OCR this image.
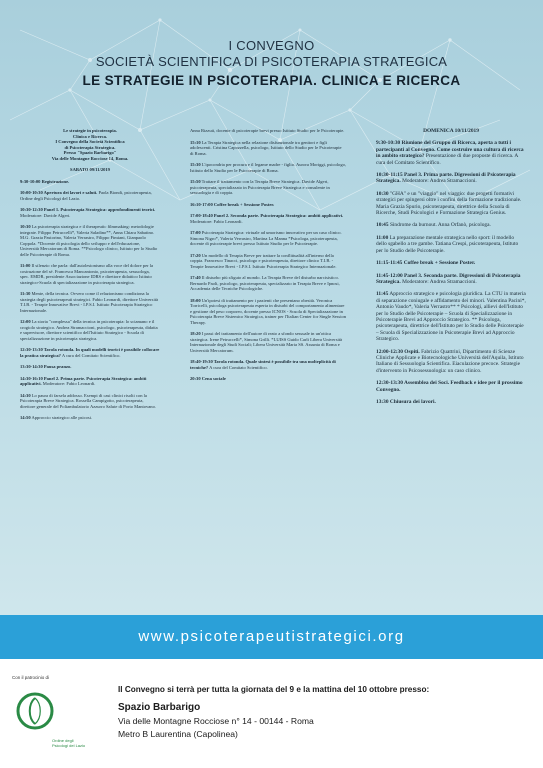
I CONVEGNO
SOCIETÀ SCIENTIFICA DI PSICOTERAPIA STRATEGICA
LE STRATEGIE IN PSICOTERAPIA. CLINICA E RICERCA
Le strategie in psicoterapia.
Clinica e Ricerca.
I Convegno della Società Scientifica
di Psicoterapia Strategica.
Presso "Spazio Barbarigo"
Via delle Montagne Rocciose 14, Roma.
SABATO 09/11/2019
9:30-10:00 Registrazione.
10:00-10:30 Apertura dei lavori e saluti. Paola Biondi, psicoterapeuta, Ordine degli Psicologi del Lazio.
10:30-12:30 Panel 1. Psicoterapia Strategica: approfondimenti teorici. Moderatore: Davide Algeri.
10:30 La psicoterapia strategica e il therapeutic filmmaking: metodologie integrate. Filippo Petruccelli*, Valeria Saladino**, Anna Chiara Sabatino. M.G. Grazia Pastorino, Valeria Verrastro, Filippo Fimiani, Gianpaolo Coppola. *Docente di psicologia dello sviluppo e dell'educazione, Università Mercatorum di Roma. **Psicologo clinico, Istituto per lo Studio delle Psicoterapie di Roma.
11:00 Il silenzio che parla: dall'autolesionismo alla voce del dolore per la costruzione del sé. Francesca Mancantonio, psicoterapeuta, sessuologa, spec. EMDR, presidente Associazione IDRS e direttore didattico Istituto strategico-Scuola di specializzazione in psicoterapia strategica.
11:30 Mente, della tecnica. Ovvero come il relazionismo condiziona la strategia degli psicoterapeuti strategici. Fabio Leonardi, direttore Università T.I.B. - Terapie Innovative Brevi - I.P.S.I. Istituto Psicoterapia Strategico Internazionale.
12:00 La storia "complessa" della tecnica in psicoterapia: lo sciamano e il crogiolo strategico. Andrea Stramaccioni, psicologo, psicoterapeuta, didatta e supervisore, direttore scientifico dell'Istituto Strategico - Scuola di specializzazione in psicoterapia strategica.
12:30-13:30 Tavola rotonda. In quali modelli teorici è possibile collocare la pratica strategica? A cura del Comitato Scientifico.
13:30-14:30 Pausa pranzo.
14:30-16:10 Panel 2. Prima parte. Psicoterapia Strategica: ambiti applicativi. Moderatore: Fabio Leonardi.
14:30 Lo paura di farsela addosso. Esempi di casi clinici risolti con la Psicoterapia Breve Strategica. Rossella Campigotto, psicoterapeuta, direttore generale del Poliambulatorio Azzurro Salute di Porto Mantovano.
14:50 Approccio strategico alle psicosi.
Anna Rizzuti, docente di psicoterapie brevi presso Istituto Studio per le Psicoterapie.
15:10 La Terapia Strategica nella relazione disfunzionale tra genitori e figli adolescenti. Cristina Capozzella, psicologo, Istituto dello Studio per le Psicoterapie di Roma.
15:30 L'ipocondria per procura e il legame madre - figlio. Aurora Moriggi, psicologo, Istituto dello Studio per le Psicoterapie di Roma.
15:50 Trattare il trattamento con la Terapia Breve Strategica. Davide Algeri, psicoterapeuta, specializzato in Psicoterapia Breve Strategica e consulente in sessuologia e di coppia.
16:10-17:00 Coffee break + Sessione Poster.
17:00-18:40 Panel 2. Seconda parte. Psicoterapia Strategica: ambiti applicativi. Moderatore: Fabio Leonardi.
17:00 Psicoterapia Strategica: virtuale ad umorismo innovativo per un caso clinico. Simona Nigro*, Valeria Verrastro, Martina La Manna *Psicologa, psicoterapeuta, docente di psicoterapie brevi presso Istituto Studio per le Psicoterapie.
17:20 Un modello di Terapia Breve per trattare la conflittualità all'interno della coppia. Francesco Tinacci, psicologo e psicoterapeuta, direttore clinico T.I.B. - Terapie Innovative Brevi - I.P.S.I. Istituto Psicoterapia Strategico Internazionale.
17:40 Il disturbo più sfiguto al mondo. La Terapia Breve del disturbo narcisistico. Bernardo Paoli, psicologo, psicoterapeuta, specializzato in Terapia Breve e Ipnosi, Accademia delle Tecniche Psicologiche.
18:00 Un'ipotesi di trattamento per i pazienti che presentano obesità. Veronica Torricelli, psicologa psicoterapeuta esperta in disturbi del comportamento alimentare e gestione del peso corporeo, docente presso ICNOS - Scuola di Specializzazione in Psicoterapia Breve Sistemico Strategica, trainer per l'Italian Center for Single Session Therapy.
18:20 I passi del trattamento dell'autore di reato a sfondo sessuale in un'ottica strategica. Irene Petruccelli*, Simona Grilli. *LUISS Guido Carli Libera Università Internazionale degli Studi Sociali; Libera Università Maria SS. Assunta di Roma e Università Mercatorum.
18:40-19:30 Tavola rotonda. Quale sintesi è possibile tra una molteplicità di tecniche? A cura del Comitato Scientifico.
20:30 Cena sociale
DOMENICA 10/11/2019
9:30-10:30 Riunione del Gruppo di Ricerca, aperta a tutti i partecipanti al Convegno. Come costruire una cultura di ricerca in ambito strategico? Presentazione di due proposte di ricerca. A cura del Comitato Scientifico.
10:30-11:15 Panel 3. Prima parte. Digressioni di Psicoterapia Strategica. Moderatore: Andrea Stramaccioni.
10:30 "GHA" e un "viaggio" nel viaggio: due progetti formativi strategici per spingersi oltre i confini della formazione tradizionale. Maria Grazia Spurio, psicoterapeuta, direttrice della Scuola di Ricerche, Studi Psicologici e Formazione Strategica Genius.
10:45 Sindrome da burnout. Anna Orfanò, psicologa.
11:00 La preparazione mentale strategica nello sport: il modello dello sgabello a tre gambe. Tatiana Crespi, psicoterapeuta, Istituto per lo Studio delle Psicoterapie.
11:15-11:45 Coffee break + Sessione Poster.
11:45-12:00 Panel 3. Seconda parte. Digressioni di Psicoterapia Strategica. Moderatore: Andrea Stramaccioni.
11:45 Approccio strategico e psicologia giuridica. La CTU in materia di separazione coniugale e affidamento dei minori. Valentina Pacini*, Antonio Vaudo*, Valeria Verrastro** * Psicologi, allievi dell'Istituto per lo Studio delle Psicoterapie – Scuola di Specializzazione in Psicoterapie Brevi ad Approccio Strategico. ** Psicologa, psicoterapeuta, direttrice dell'Istituto per lo Studio delle Psicoterapie – Scuola di Specializzazione in Psicoterapie Brevi ad Approccio Strategico.
12:00-12:30 Ospiti. Fabrizio Quattrini, Dipartimento di Scienze Cliniche Applicate e Biotecnologiche Università dell'Aquila, Istituto Italiano di Sessuologia Scientifica. Eiaculazione precoce. Strategie d'intervento in Psicosessuologia: un caso clinico.
12:30-13:30 Assemblea dei Soci. Feedback e idee per il prossimo Convegno.
13:30 Chiusura dei lavori.
www.psicoterapeutistrategici.org
Con il patrocinio di
Ordine degli
Psicologi del Lazio
Il Convegno si terrà per tutta la giornata del 9 e la mattina del 10 ottobre presso:
Spazio Barbarigo
Via delle Montagne Rocciose n° 14 - 00144 - Roma
Metro B Laurentina (Capolinea)
